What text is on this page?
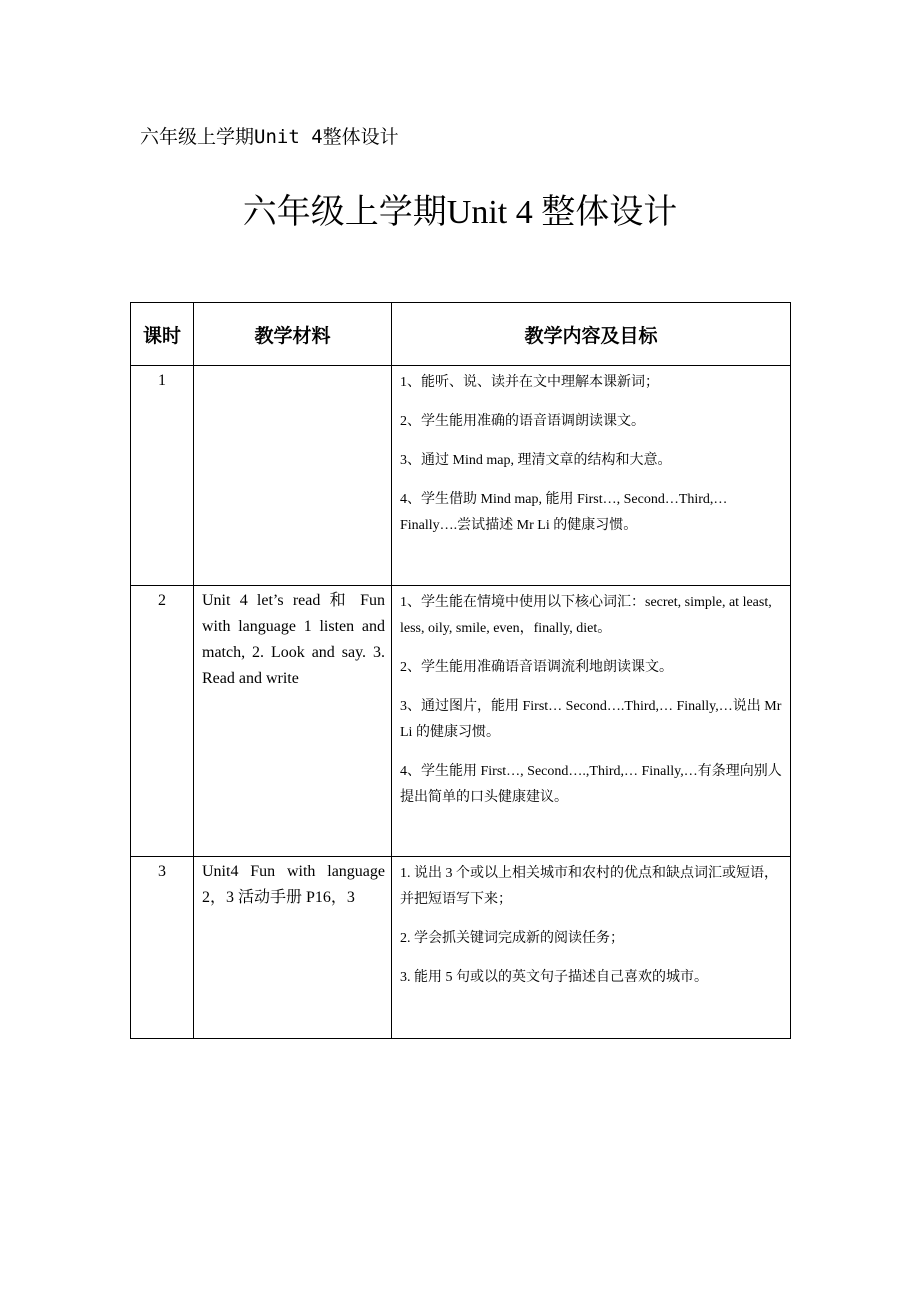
六年级上学期Unit 4整体设计
六年级上学期Unit 4 整体设计
课时	教学材料	教学内容及目标
1		1、能听、说、读并在文中理解本课新词；

2、学生能用准确的语音语调朗读课文。

3、通过 Mind map, 理清文章的结构和大意。

4、学生借助 Mind map, 能用 First…, Second…Third,…Finally….尝试描述 Mr Li 的健康习惯。

2	Unit 4 let’s read 和 Fun with language 1 listen and match, 2. Look and say. 3. Read and write	1、学生能在情境中使用以下核心词汇：secret, simple, at least, less, oily, smile, even，finally, diet。

2、学生能用准确语音语调流利地朗读课文。

3、通过图片，能用 First… Second….Third,… Finally,…说出 Mr Li 的健康习惯。

4、学生能用 First…, Second….,Third,… Finally,…有条理向别人提出简单的口头健康建议。

3	Unit4 Fun with language 2，3 活动手册 P16，3	1. 说出 3 个或以上相关城市和农村的优点和缺点词汇或短语，并把短语写下来；

2. 学会抓关键词完成新的阅读任务；

3. 能用 5 句或以的英文句子描述自己喜欢的城市。
